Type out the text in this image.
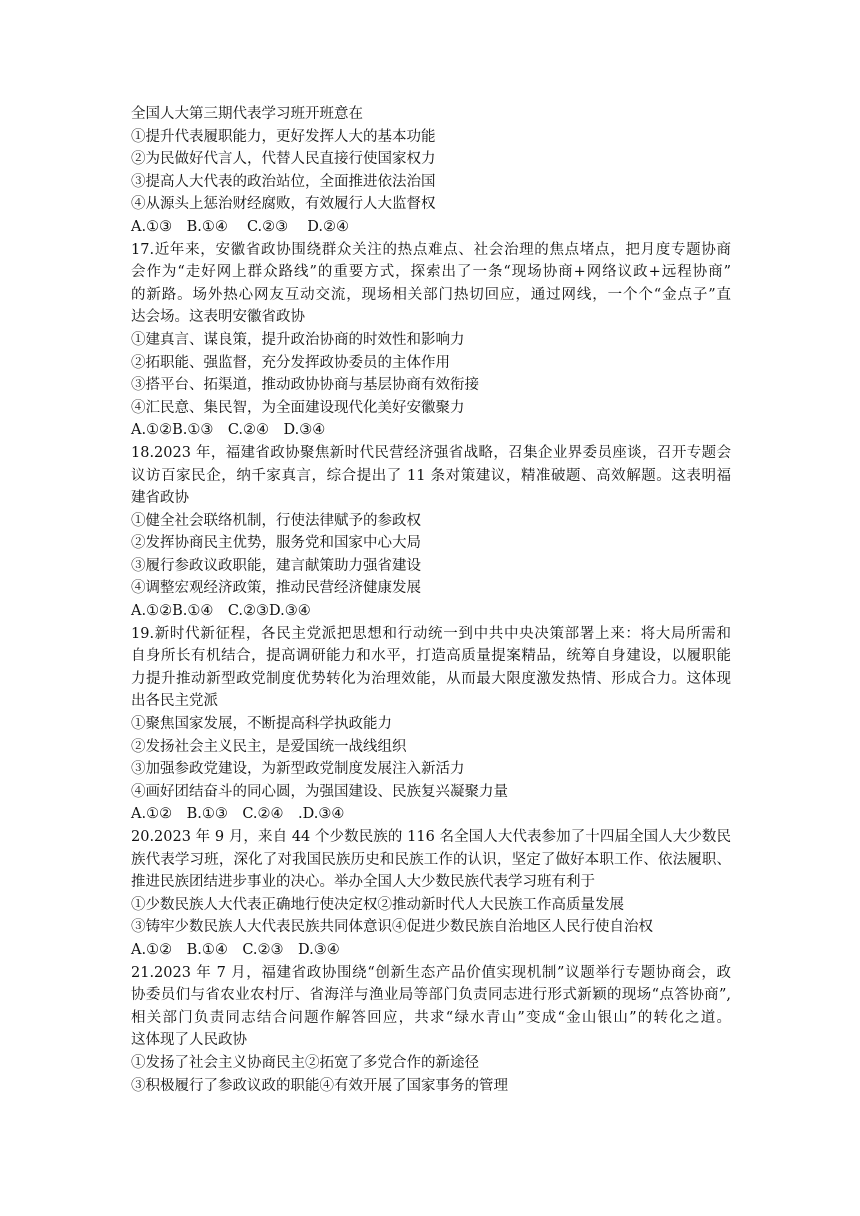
全国人大第三期代表学习班开班意在
①提升代表履职能力，更好发挥人大的基本功能
②为民做好代言人，代替人民直接行使国家权力
③提高人大代表的政治站位，全面推进依法治国
④从源头上惩治财经腐败，有效履行人大监督权
A.①③　B.①④　 C.②③　 D.②④
17.近年来，安徽省政协围绕群众关注的热点难点、社会治理的焦点堵点，把月度专题协商
会作为“走好网上群众路线”的重要方式，探索出了一条“现场协商+网络议政+远程协商”
的新路。场外热心网友互动交流，现场相关部门热切回应，通过网线，一个个“金点子”直
达会场。这表明安徽省政协
①建真言、谋良策，提升政治协商的时效性和影响力
②拓职能、强监督，充分发挥政协委员的主体作用
③搭平台、拓渠道，推动政协协商与基层协商有效衔接
④汇民意、集民智，为全面建设现代化美好安徽聚力
A.①②B.①③　C.②④　D.③④
18.2023 年，福建省政协聚焦新时代民营经济强省战略，召集企业界委员座谈，召开专题会
议访百家民企，纳千家真言，综合提出了 11 条对策建议，精准破题、高效解题。这表明福
建省政协
①健全社会联络机制，行使法律赋予的参政权
②发挥协商民主优势，服务党和国家中心大局
③履行参政议政职能，建言献策助力强省建设
④调整宏观经济政策，推动民营经济健康发展
A.①②B.①④　C.②③D.③④
19.新时代新征程，各民主党派把思想和行动统一到中共中央决策部署上来：将大局所需和
自身所长有机结合，提高调研能力和水平，打造高质量提案精品，统筹自身建设，以履职能
力提升推动新型政党制度优势转化为治理效能，从而最大限度激发热情、形成合力。这体现
出各民主党派
①聚焦国家发展，不断提高科学执政能力
②发扬社会主义民主，是爱国统一战线组织
③加强参政党建设，为新型政党制度发展注入新活力
④画好团结奋斗的同心圆，为强国建设、民族复兴凝聚力量
A.①②　B.①③　C.②④　.D.③④
20.2023 年 9 月，来自 44 个少数民族的 116 名全国人大代表参加了十四届全国人大少数民
族代表学习班，深化了对我国民族历史和民族工作的认识，坚定了做好本职工作、依法履职、
推进民族团结进步事业的决心。举办全国人大少数民族代表学习班有利于
①少数民族人大代表正确地行使决定权②推动新时代人大民族工作高质量发展
③铸牢少数民族人大代表民族共同体意识④促进少数民族自治地区人民行使自治权
A.①②　B.①④　C.②③　D.③④
21.2023 年 7 月，福建省政协围绕“创新生态产品价值实现机制”议题举行专题协商会，政
协委员们与省农业农村厅、省海洋与渔业局等部门负责同志进行形式新颖的现场“点答协商”,
相关部门负责同志结合问题作解答回应，共求“绿水青山”变成“金山银山”的转化之道。
这体现了人民政协
①发扬了社会主义协商民主②拓宽了多党合作的新途径
③积极履行了参政议政的职能④有效开展了国家事务的管理
